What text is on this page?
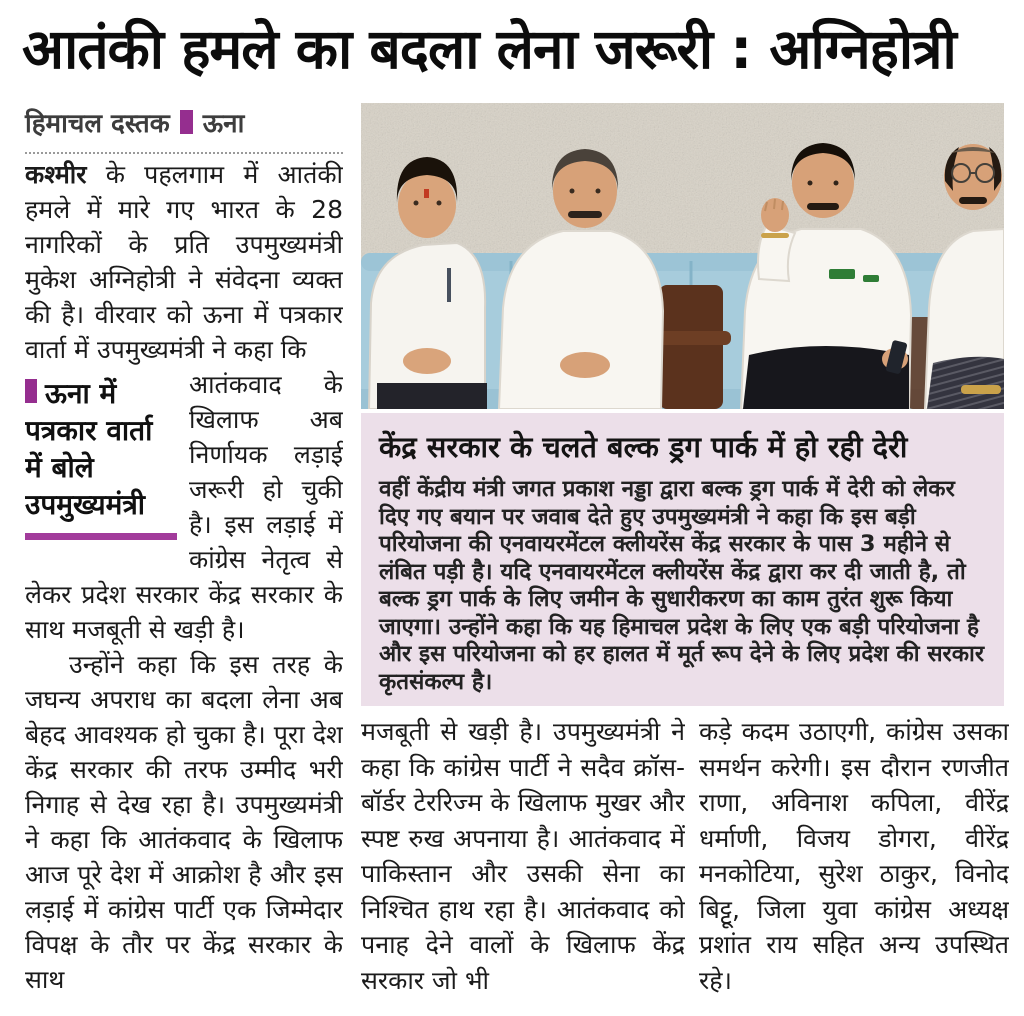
आतंकी हमले का बदला लेना जरूरी : अग्निहोत्री
हिमाचल दस्तक ऊना

कश्मीर के पहलगाम में आतंकी हमले में मारे गए भारत के 28 नागरिकों के प्रति उपमुख्यमंत्री मुकेश अग्निहोत्री ने संवेदना व्यक्त की है। वीरवार को ऊना में पत्रकार वार्ता में उपमुख्यमंत्री ने कहा कि

ऊना में पत्रकार वार्ता में बोले उपमुख्यमंत्री

आतंकवाद के खिलाफ अब निर्णायक लड़ाई जरूरी हो चुकी है। इस लड़ाई में कांग्रेस नेतृत्व से लेकर प्रदेश सरकार केंद्र सरकार के साथ मजबूती से खड़ी है।

उन्होंने कहा कि इस तरह के जघन्य अपराध का बदला लेना अब बेहद आवश्यक हो चुका है। पूरा देश केंद्र सरकार की तरफ उम्मीद भरी निगाह से देख रहा है। उपमुख्यमंत्री ने कहा कि आतंकवाद के खिलाफ आज पूरे देश में आक्रोश है और इस लड़ाई में कांग्रेस पार्टी एक जिम्मेदार विपक्ष के तौर पर केंद्र सरकार के साथ

केंद्र सरकार के चलते बल्क ड्रग पार्क में हो रही देरी
वहीं केंद्रीय मंत्री जगत प्रकाश नड्डा द्वारा बल्क ड्रग पार्क में देरी को लेकर दिए गए बयान पर जवाब देते हुए उपमुख्यमंत्री ने कहा कि इस बड़ी परियोजना की एनवायरमेंटल क्लीयरेंस केंद्र सरकार के पास 3 महीने से लंबित पड़ी है। यदि एनवायरमेंटल क्लीयरेंस केंद्र द्वारा कर दी जाती है, तो बल्क ड्रग पार्क के लिए जमीन के सुधारीकरण का काम तुरंत शुरू किया जाएगा। उन्होंने कहा कि यह हिमाचल प्रदेश के लिए एक बड़ी परियोजना है और इस परियोजना को हर हालत में मूर्त रूप देने के लिए प्रदेश की सरकार कृतसंकल्प है।
मजबूती से खड़ी है। उपमुख्यमंत्री ने कहा कि कांग्रेस पार्टी ने सदैव क्रॉस-बॉर्डर टेररिज्म के खिलाफ मुखर और स्पष्ट रुख अपनाया है। आतंकवाद में पाकिस्तान और उसकी सेना का निश्चित हाथ रहा है। आतंकवाद को पनाह देने वालों के खिलाफ केंद्र सरकार जो भी
कड़े कदम उठाएगी, कांग्रेस उसका समर्थन करेगी। इस दौरान रणजीत राणा, अविनाश कपिला, वीरेंद्र धर्माणी, विजय डोगरा, वीरेंद्र मनकोटिया, सुरेश ठाकुर, विनोद बिट्टू, जिला युवा कांग्रेस अध्यक्ष प्रशांत राय सहित अन्य उपस्थित रहे।
